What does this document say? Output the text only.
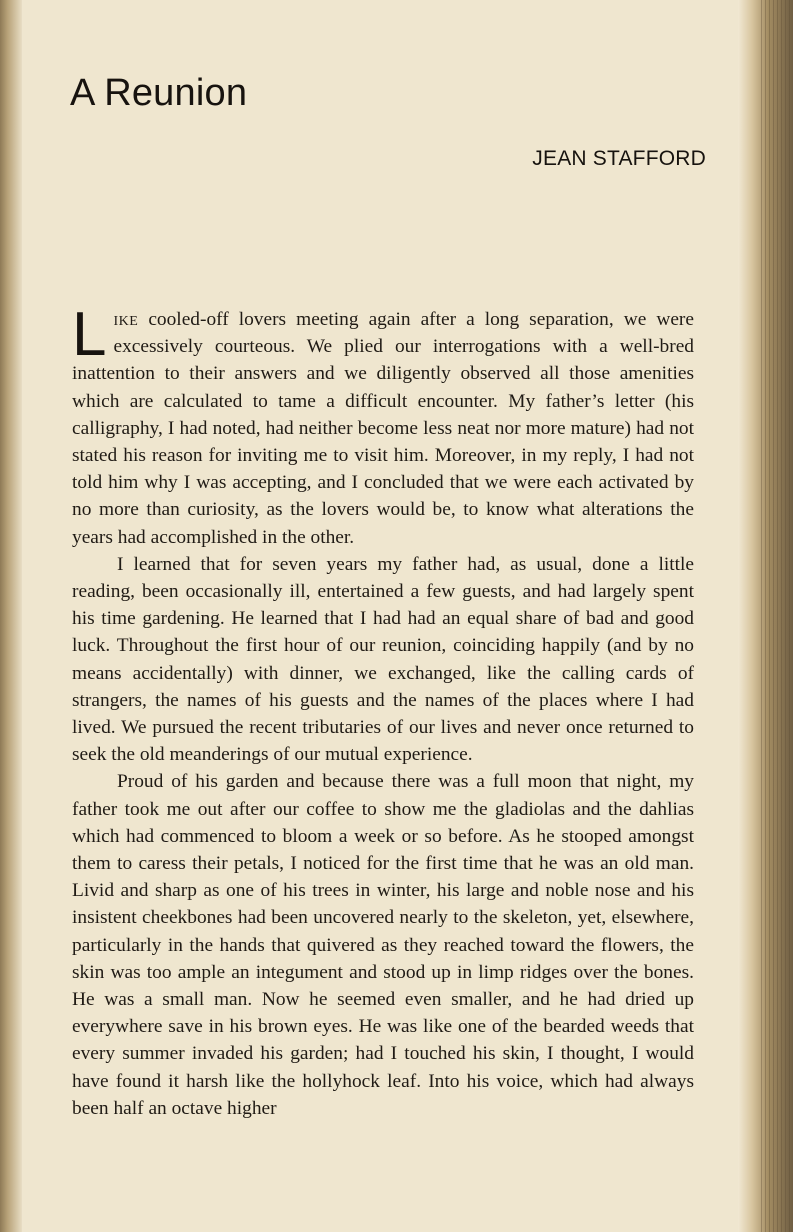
A Reunion
JEAN STAFFORD

Like cooled-off lovers meeting again after a long separation, we were excessively courteous. We plied our interrogations with a well-bred inattention to their answers and we diligently observed all those amenities which are calculated to tame a difficult encounter. My father’s letter (his calligraphy, I had noted, had neither become less neat nor more mature) had not stated his reason for inviting me to visit him. Moreover, in my reply, I had not told him why I was accepting, and I concluded that we were each activated by no more than curiosity, as the lovers would be, to know what alterations the years had accomplished in the other.

I learned that for seven years my father had, as usual, done a little reading, been occasionally ill, entertained a few guests, and had largely spent his time gardening. He learned that I had had an equal share of bad and good luck. Throughout the first hour of our reunion, coinciding happily (and by no means accidentally) with dinner, we exchanged, like the calling cards of strangers, the names of his guests and the names of the places where I had lived. We pursued the recent tributaries of our lives and never once returned to seek the old meanderings of our mutual experience.

Proud of his garden and because there was a full moon that night, my father took me out after our coffee to show me the gladiolas and the dahlias which had commenced to bloom a week or so before. As he stooped amongst them to caress their petals, I noticed for the first time that he was an old man. Livid and sharp as one of his trees in winter, his large and noble nose and his insistent cheekbones had been uncovered nearly to the skeleton, yet, elsewhere, particularly in the hands that quivered as they reached toward the flowers, the skin was too ample an integument and stood up in limp ridges over the bones. He was a small man. Now he seemed even smaller, and he had dried up everywhere save in his brown eyes. He was like one of the bearded weeds that every summer invaded his garden; had I touched his skin, I thought, I would have found it harsh like the hollyhock leaf. Into his voice, which had always been half an octave higher
